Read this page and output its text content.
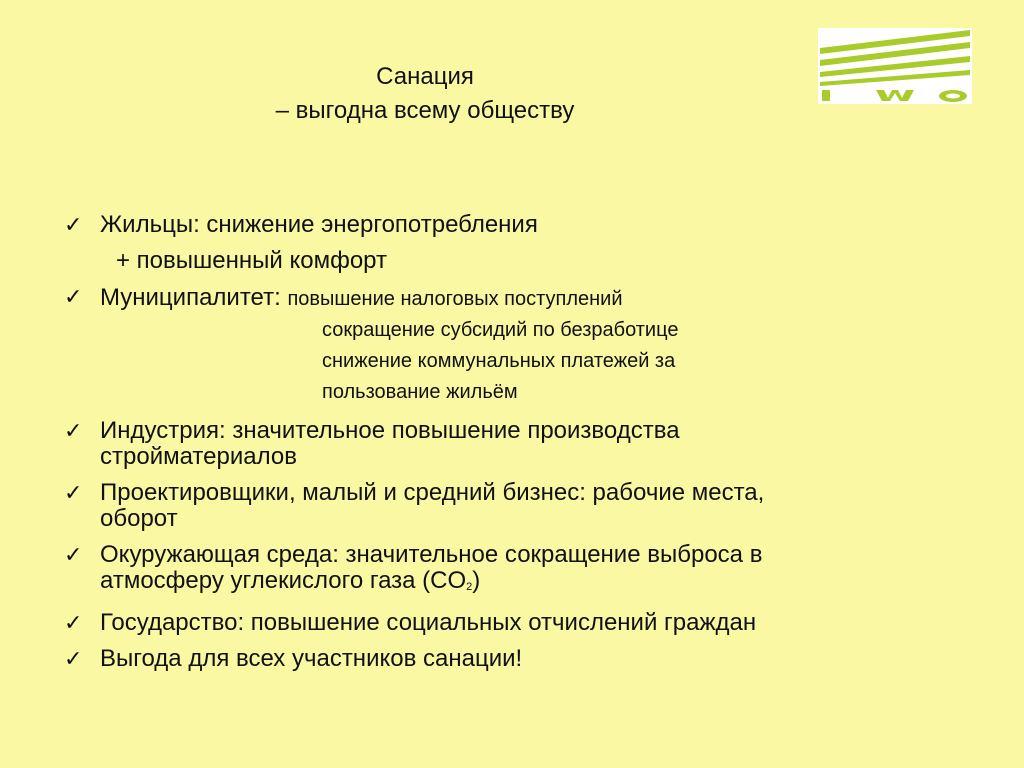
Санация
– выгодна всему обществу
✓ Жильцы: снижение энергопотребления
+ повышенный комфорт
✓ Муниципалитет: повышение налоговых поступлений
сокращение субсидий по безработице
снижение коммунальных платежей за
пользование жильём
✓ Индустрия: значительное повышение производства
стройматериалов
✓ Проектировщики, малый и средний бизнес: рабочие места,
оборот
✓ Окуружающая среда: значительное сокращение выброса в
атмосферу углекислого газа (CO2)
✓ Государство: повышение социальных отчислений граждан
✓ Выгода для всех участников санации!
